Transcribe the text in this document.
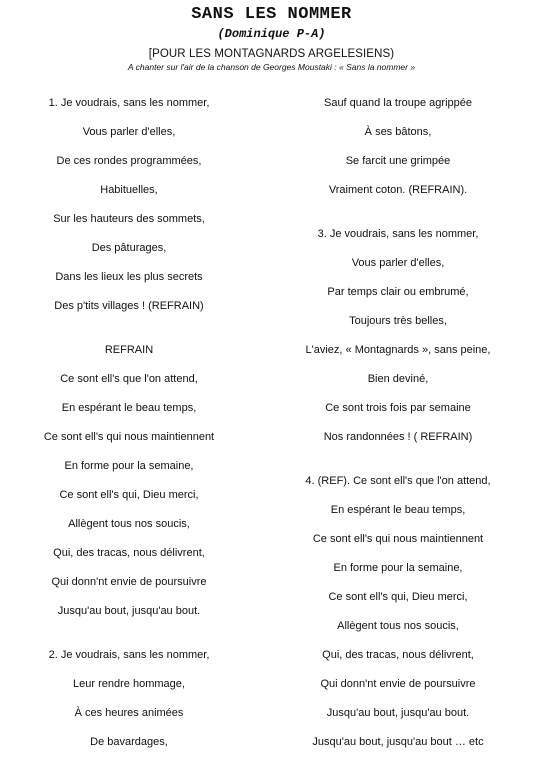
SANS LES NOMMER
(Dominique P-A)
[POUR LES MONTAGNARDS ARGELESIENS)
A chanter sur l'air de la chanson de Georges Moustaki : « Sans la nommer »
1. Je voudrais, sans les nommer,
Vous parler d'elles,
De ces rondes programmées,
Habituelles,
Sur les hauteurs des sommets,
Des pâturages,
Dans les lieux les plus secrets
Des p'tits villages ! (REFRAIN)
REFRAIN
Ce sont ell's que l'on attend,
En espérant le beau temps,
Ce sont ell's qui nous maintiennent
En forme pour la semaine,
Ce sont ell's qui, Dieu merci,
Allègent tous nos soucis,
Qui, des tracas, nous délivrent,
Qui donn'nt envie de poursuivre
Jusqu'au bout, jusqu'au bout.
2. Je voudrais, sans les nommer,
Leur rendre hommage,
À ces heures animées
De bavardages,
Sauf quand la troupe agrippée
À ses bâtons,
Se farcit une grimpée
Vraiment coton. (REFRAIN).
3. Je voudrais, sans les nommer,
Vous parler d'elles,
Par temps clair ou embrumé,
Toujours très belles,
L'aviez, « Montagnards », sans peine,
Bien deviné,
Ce sont trois fois par semaine
Nos randonnées ! ( REFRAIN)
4. (REF). Ce sont ell's que l'on attend,
En espérant le beau temps,
Ce sont ell's qui nous maintiennent
En forme pour la semaine,
Ce sont ell's qui, Dieu merci,
Allègent tous nos soucis,
Qui, des tracas, nous délivrent,
Qui donn'nt envie de poursuivre
Jusqu'au bout, jusqu'au bout.
Jusqu'au bout, jusqu'au bout … etc
